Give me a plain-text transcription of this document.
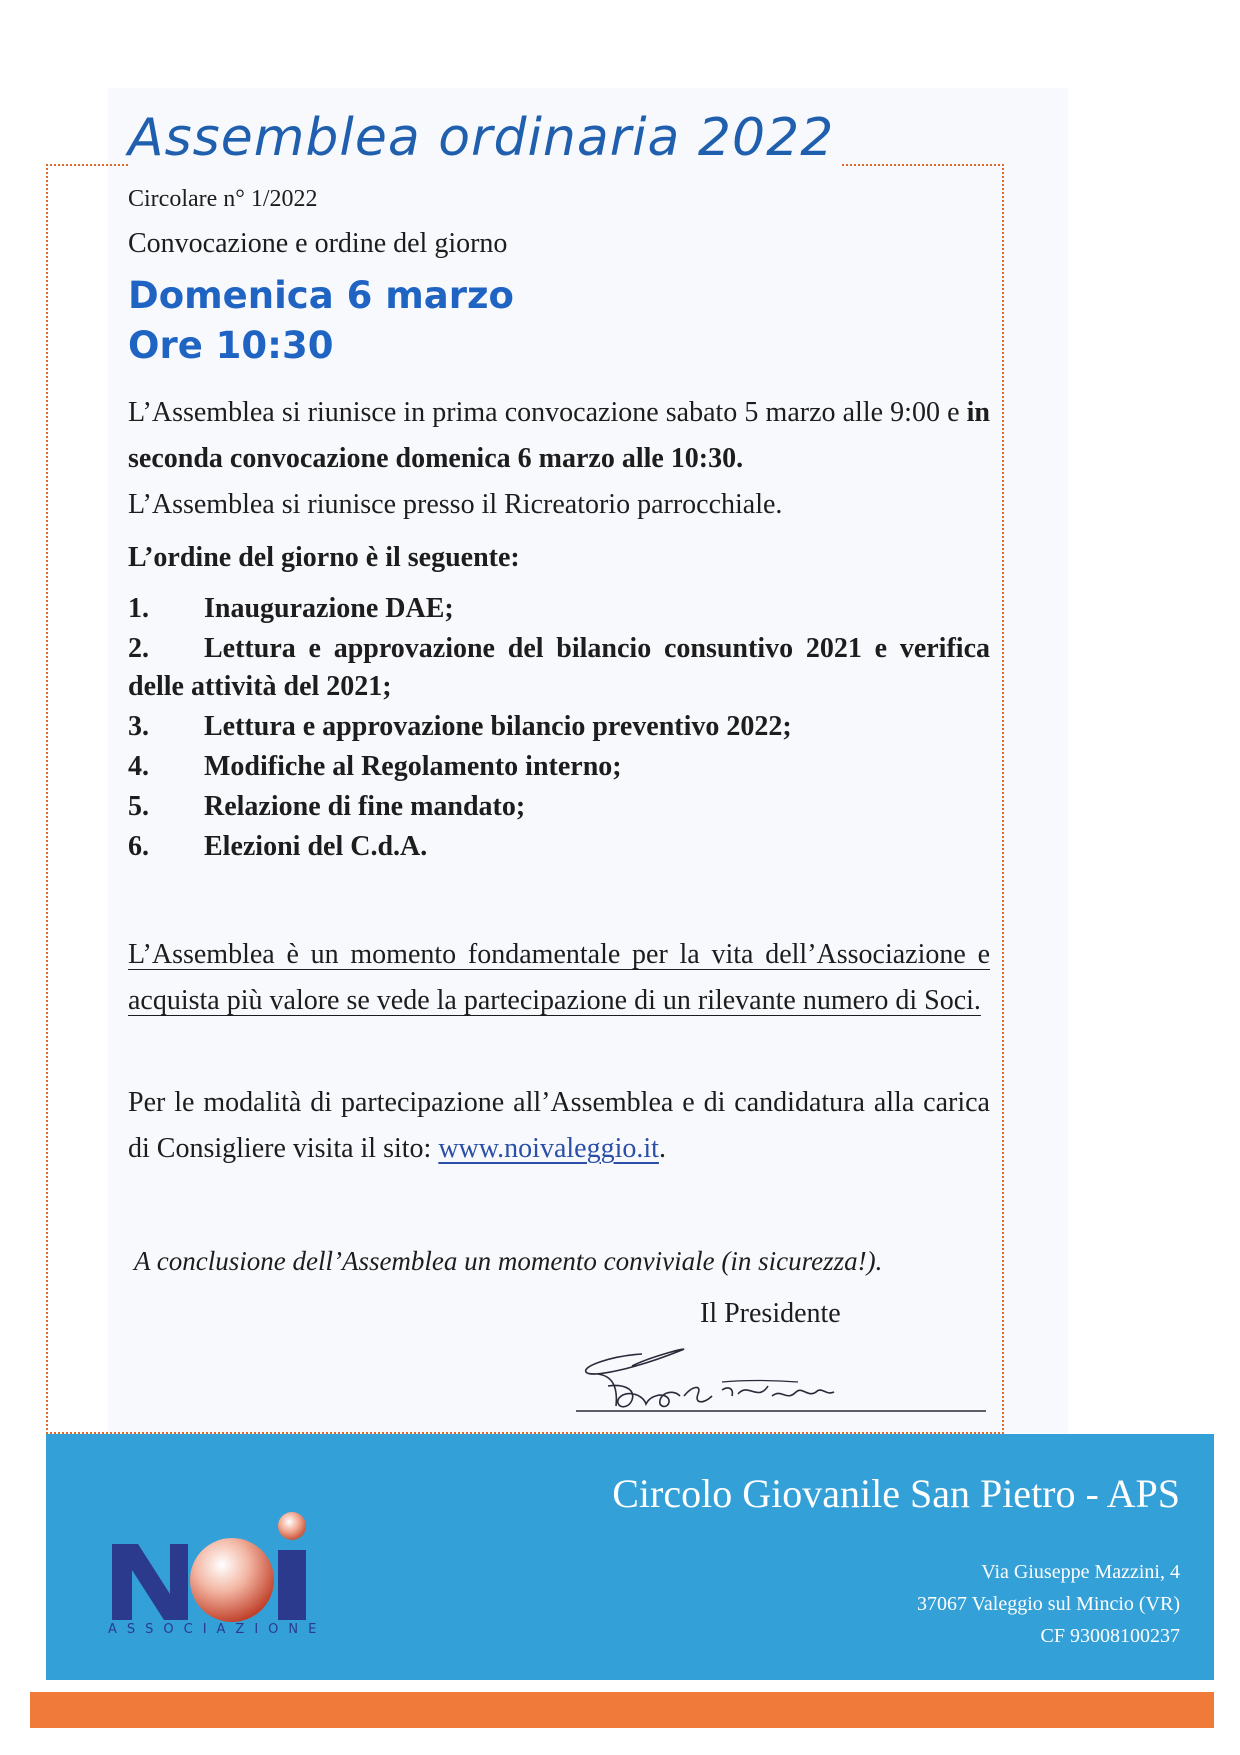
Assemblea ordinaria 2022
Circolare n° 1/2022
Convocazione e ordine del giorno
Domenica 6 marzo
Ore 10:30

L’Assemblea si riunisce in prima convocazione sabato 5 marzo alle 9:00 e in seconda convocazione domenica 6 marzo alle 10:30.
L’Assemblea si riunisce presso il Ricreatorio parrocchiale.

L’ordine del giorno è il seguente:
1. Inaugurazione DAE;
2. Lettura e approvazione del bilancio consuntivo 2021 e verifica delle attività del 2021;
3. Lettura e approvazione bilancio preventivo 2022;
4. Modifiche al Regolamento interno;
5. Relazione di fine mandato;
6. Elezioni del C.d.A.

L’Assemblea è un momento fondamentale per la vita dell’Associazione e acquista più valore se vede la partecipazione di un rilevante numero di Soci.

Per le modalità di partecipazione all’Assemblea e di candidatura alla carica di Consigliere visita il sito: www.noivaleggio.it.

A conclusione dell’Assemblea un momento conviviale (in sicurezza!).
Il Presidente
ASSOCIAZIONE
Circolo Giovanile San Pietro - APS
Via Giuseppe Mazzini, 4
37067 Valeggio sul Mincio (VR)
CF 93008100237
